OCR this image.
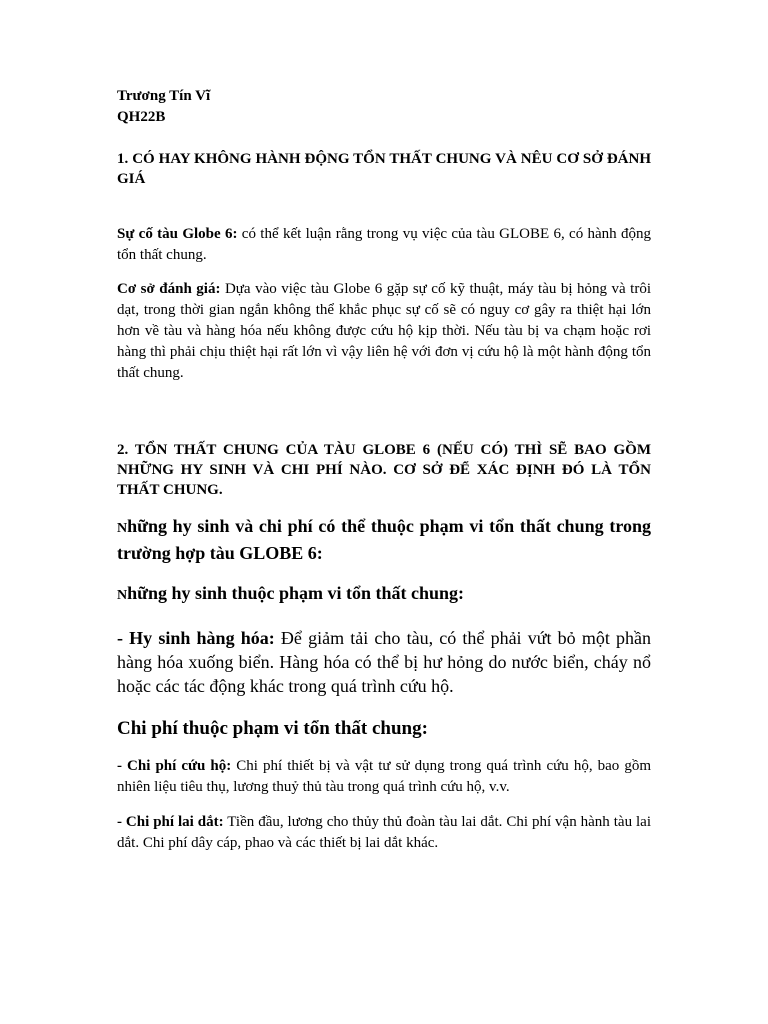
Trương Tín Vĩ
QH22B
1. CÓ HAY KHÔNG HÀNH ĐỘNG TỔN THẤT CHUNG VÀ NÊU CƠ SỞ ĐÁNH GIÁ

Sự cố tàu Globe 6: có thể kết luận rằng trong vụ việc của tàu GLOBE 6, có hành động tổn thất chung.

Cơ sở đánh giá: Dựa vào việc tàu Globe 6 gặp sự cố kỹ thuật, máy tàu bị hỏng và trôi dạt, trong thời gian ngắn không thể khắc phục sự cố sẽ có nguy cơ gây ra thiệt hại lớn hơn về tàu và hàng hóa nếu không được cứu hộ kịp thời. Nếu tàu bị va chạm hoặc rơi hàng thì phải chịu thiệt hại rất lớn vì vậy liên hệ với đơn vị cứu hộ là một hành động tổn thất chung.

2. TỔN THẤT CHUNG CỦA TÀU GLOBE 6 (NẾU CÓ) THÌ SẼ BAO GỒM NHỮNG HY SINH VÀ CHI PHÍ NÀO. CƠ SỞ ĐỂ XÁC ĐỊNH ĐÓ LÀ TỔN THẤT CHUNG.

Những hy sinh và chi phí có thể thuộc phạm vi tổn thất chung trong trường hợp tàu GLOBE 6:

Những hy sinh thuộc phạm vi tổn thất chung:

- Hy sinh hàng hóa: Để giảm tải cho tàu, có thể phải vứt bỏ một phần hàng hóa xuống biển. Hàng hóa có thể bị hư hỏng do nước biển, cháy nổ hoặc các tác động khác trong quá trình cứu hộ.

Chi phí thuộc phạm vi tổn thất chung:

- Chi phí cứu hộ: Chi phí thiết bị và vật tư sử dụng trong quá trình cứu hộ, bao gồm nhiên liệu tiêu thụ, lương thuỷ thủ tàu trong quá trình cứu hộ, v.v.

- Chi phí lai dắt: Tiền đầu, lương cho thủy thủ đoàn tàu lai dắt. Chi phí vận hành tàu lai dắt. Chi phí dây cáp, phao và các thiết bị lai dắt khác.
